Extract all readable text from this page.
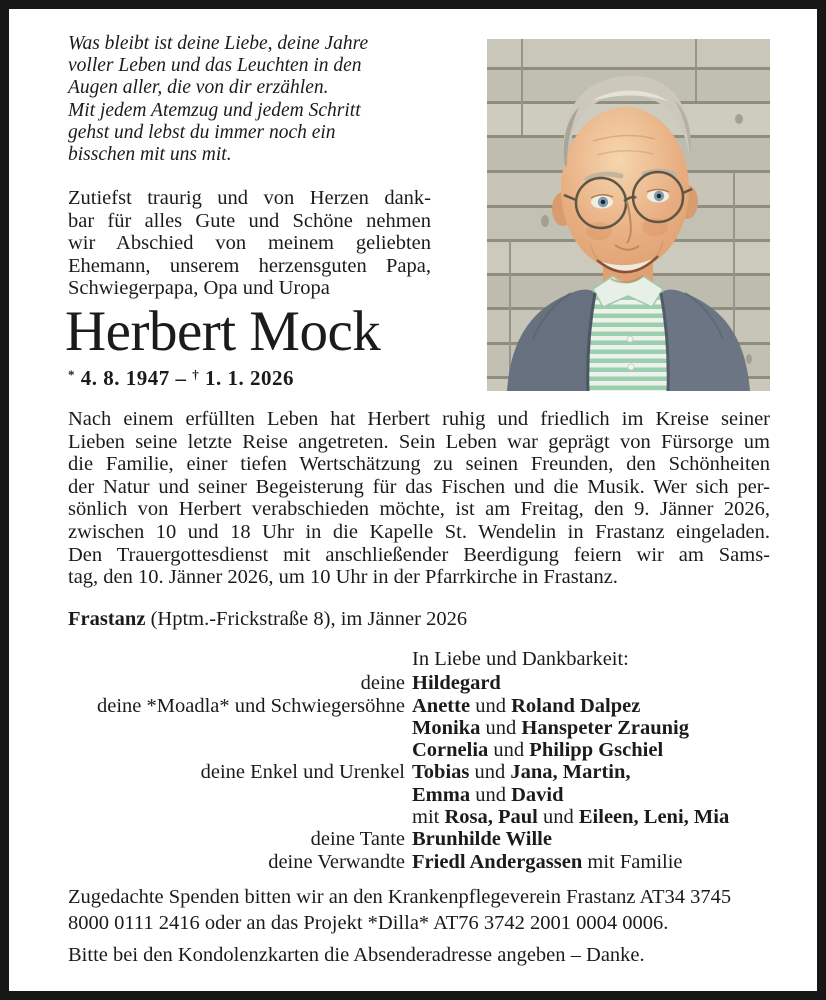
Was bleibt ist deine Liebe, deine Jahre
voller Leben und das Leuchten in den
Augen aller, die von dir erzählen.
Mit jedem Atemzug und jedem Schritt
gehst und lebst du immer noch ein
bisschen mit uns mit.
Zutiefst traurig und von Herzen dank-
bar für alles Gute und Schöne nehmen
wir Abschied von meinem geliebten
Ehemann, unserem herzensguten Papa,
Schwiegerpapa, Opa und Uropa
Herbert Mock
* 4. 8. 1947 – † 1. 1. 2026
Nach einem erfüllten Leben hat Herbert ruhig und friedlich im Kreise seiner
Lieben seine letzte Reise angetreten. Sein Leben war geprägt von Fürsorge um
die Familie, einer tiefen Wertschätzung zu seinen Freunden, den Schönheiten
der Natur und seiner Begeisterung für das Fischen und die Musik. Wer sich per-
sönlich von Herbert verabschieden möchte, ist am Freitag, den 9. Jänner 2026,
zwischen 10 und 18 Uhr in die Kapelle St. Wendelin in Frastanz eingeladen.
Den Trauergottesdienst mit anschließender Beerdigung feiern wir am Sams-
tag, den 10. Jänner 2026, um 10 Uhr in der Pfarrkirche in Frastanz.
Frastanz (Hptm.-Frickstraße 8), im Jänner 2026
In Liebe und Dankbarkeit:
deine Hildegard
deine *Moadla* und Schwiegersöhne Anette und Roland Dalpez
Monika und Hanspeter Zraunig
Cornelia und Philipp Gschiel
deine Enkel und Urenkel Tobias und Jana, Martin,
Emma und David
mit Rosa, Paul und Eileen, Leni, Mia
deine Tante Brunhilde Wille
deine Verwandte Friedl Andergassen mit Familie
Zugedachte Spenden bitten wir an den Krankenpflegeverein Frastanz AT34 3745
8000 0111 2416 oder an das Projekt *Dilla* AT76 3742 2001 0004 0006.
Bitte bei den Kondolenzkarten die Absenderadresse angeben – Danke.
